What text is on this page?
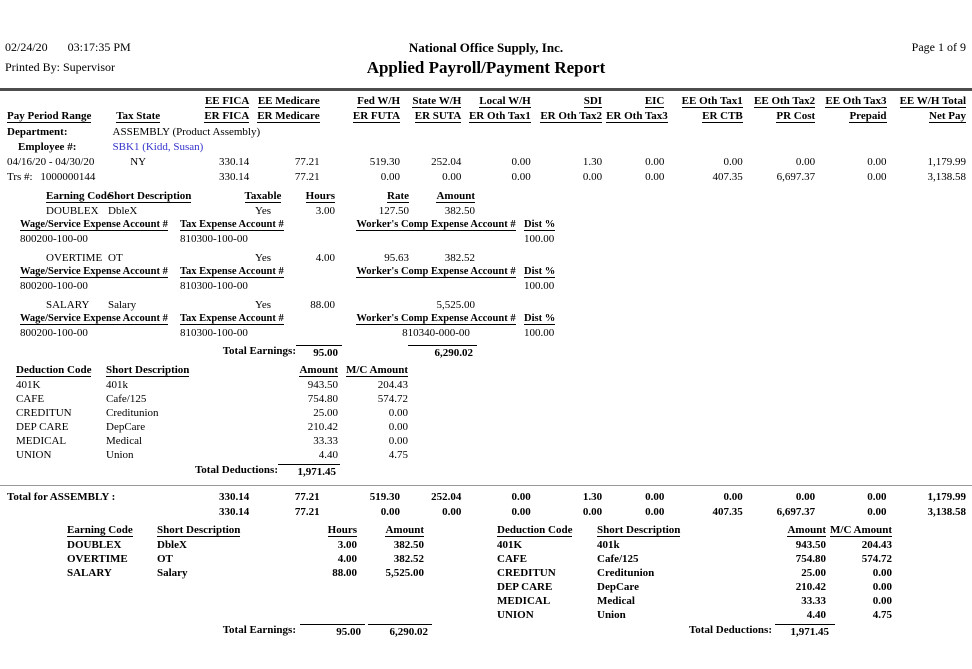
02/24/20 03:17:35 PM
Printed By: Supervisor
National Office Supply, Inc.
Applied Payroll/Payment Report
Page 1 of 9
		EE FICA	EE Medicare	Fed W/H	State W/H	Local W/H	SDI	EIC	EE Oth Tax1	EE Oth Tax2	EE Oth Tax3	EE W/H Total
Pay Period Range	Tax State	ER FICA	ER Medicare	ER FUTA	ER SUTA	ER Oth Tax1	ER Oth Tax2	ER Oth Tax3	ER CTB	PR Cost	Prepaid	Net Pay
Department:	ASSEMBLY (Product Assembly)											
Employee #:	SBK1 (Kidd, Susan)											
04/16/20 - 04/30/20	NY	330.14	77.21	519.30	252.04	0.00	1.30	0.00	0.00	0.00	0.00	1,179.99
Trs #: 1000000144		330.14	77.21	0.00	0.00	0.00	0.00	0.00	407.35	6,697.37	0.00	3,138.58
Earning Code	Short Description	Taxable	Hours	Rate	Amount
DOUBLEX	DbleX	Yes	3.00	127.50	382.50
Wage/Service Expense Account #	Tax Expense Account #	Worker's Comp Expense Account #	Dist %
800200-100-00	810300-100-00		100.00
OVERTIME	OT	Yes	4.00	95.63	382.52
Wage/Service Expense Account #	Tax Expense Account #	Worker's Comp Expense Account #	Dist %
800200-100-00	810300-100-00		100.00
SALARY	Salary	Yes	88.00		5,525.00
Wage/Service Expense Account #	Tax Expense Account #	Worker's Comp Expense Account #	Dist %
800200-100-00	810300-100-00	810340-000-00	100.00
Total Earnings:	95.00	6,290.02
Deduction Code	Short Description	Amount	M/C Amount
401K	401k	943.50	204.43
CAFE	Cafe/125	754.80	574.72
CREDITUN	Creditunion	25.00	0.00
DEP CARE	DepCare	210.42	0.00
MEDICAL	Medical	33.33	0.00
UNION	Union	4.40	4.75
Total Deductions:	1,971.45
Total for ASSEMBLY :	330.14	77.21	519.30	252.04	0.00	1.30	0.00	0.00	0.00	0.00	1,179.99
	330.14	77.21	0.00	0.00	0.00	0.00	0.00	407.35	6,697.37	0.00	3,138.58
Earning Code	Short Description	Hours	Amount
DOUBLEX	DbleX	3.00	382.50
OVERTIME	OT	4.00	382.52
SALARY	Salary	88.00	5,525.00
Total Earnings:	95.00	6,290.02
Deduction Code	Short Description	Amount	M/C Amount
401K	401k	943.50	204.43
CAFE	Cafe/125	754.80	574.72
CREDITUN	Creditunion	25.00	0.00
DEP CARE	DepCare	210.42	0.00
MEDICAL	Medical	33.33	0.00
UNION	Union	4.40	4.75
Total Deductions:	1,971.45
